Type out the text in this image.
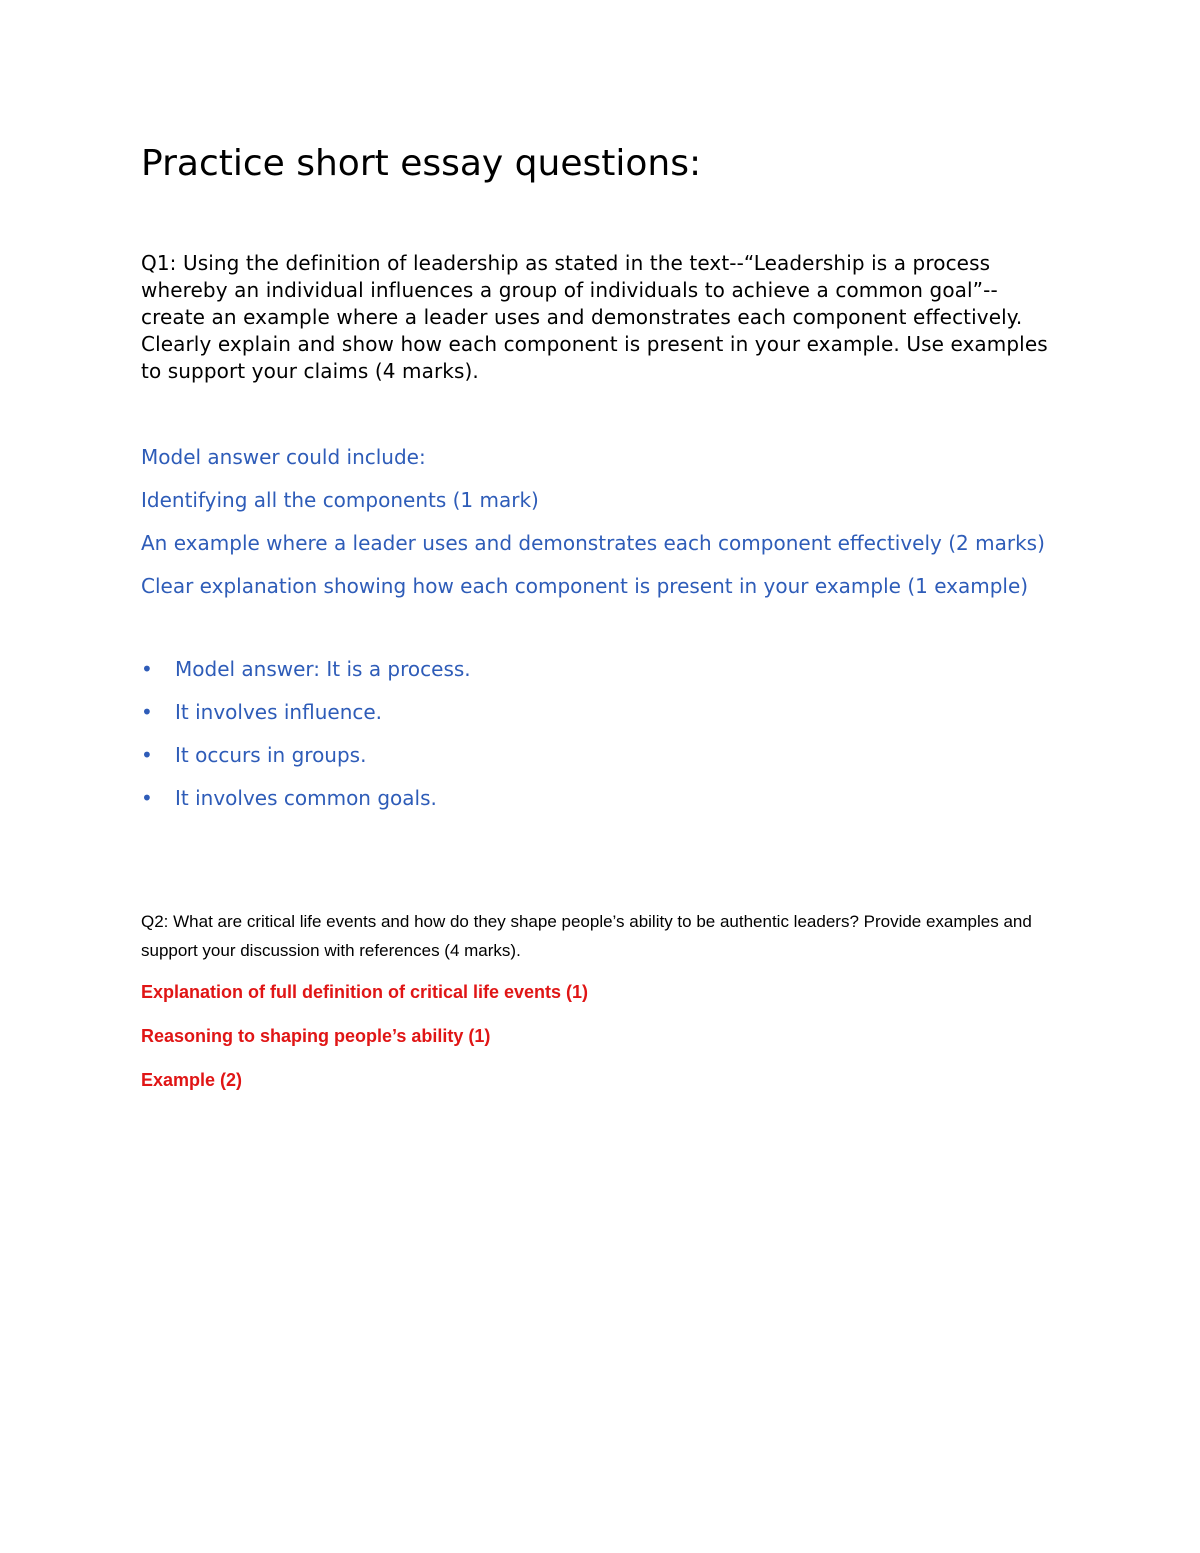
Practice short essay questions:

Q1: Using the definition of leadership as stated in the text--“Leadership is a process whereby an individual influences a group of individuals to achieve a common goal”--create an example where a leader uses and demonstrates each component effectively. Clearly explain and show how each component is present in your example. Use examples to support your claims (4 marks).

Model answer could include:

Identifying all the components (1 mark)

An example where a leader uses and demonstrates each component effectively (2 marks)

Clear explanation showing how each component is present in your example (1 example)

• Model answer: It is a process.
• It involves influence.
• It occurs in groups.
• It involves common goals.

Q2: What are critical life events and how do they shape people’s ability to be authentic leaders? Provide examples and support your discussion with references (4 marks).

Explanation of full definition of critical life events (1)

Reasoning to shaping people’s ability (1)

Example (2)
